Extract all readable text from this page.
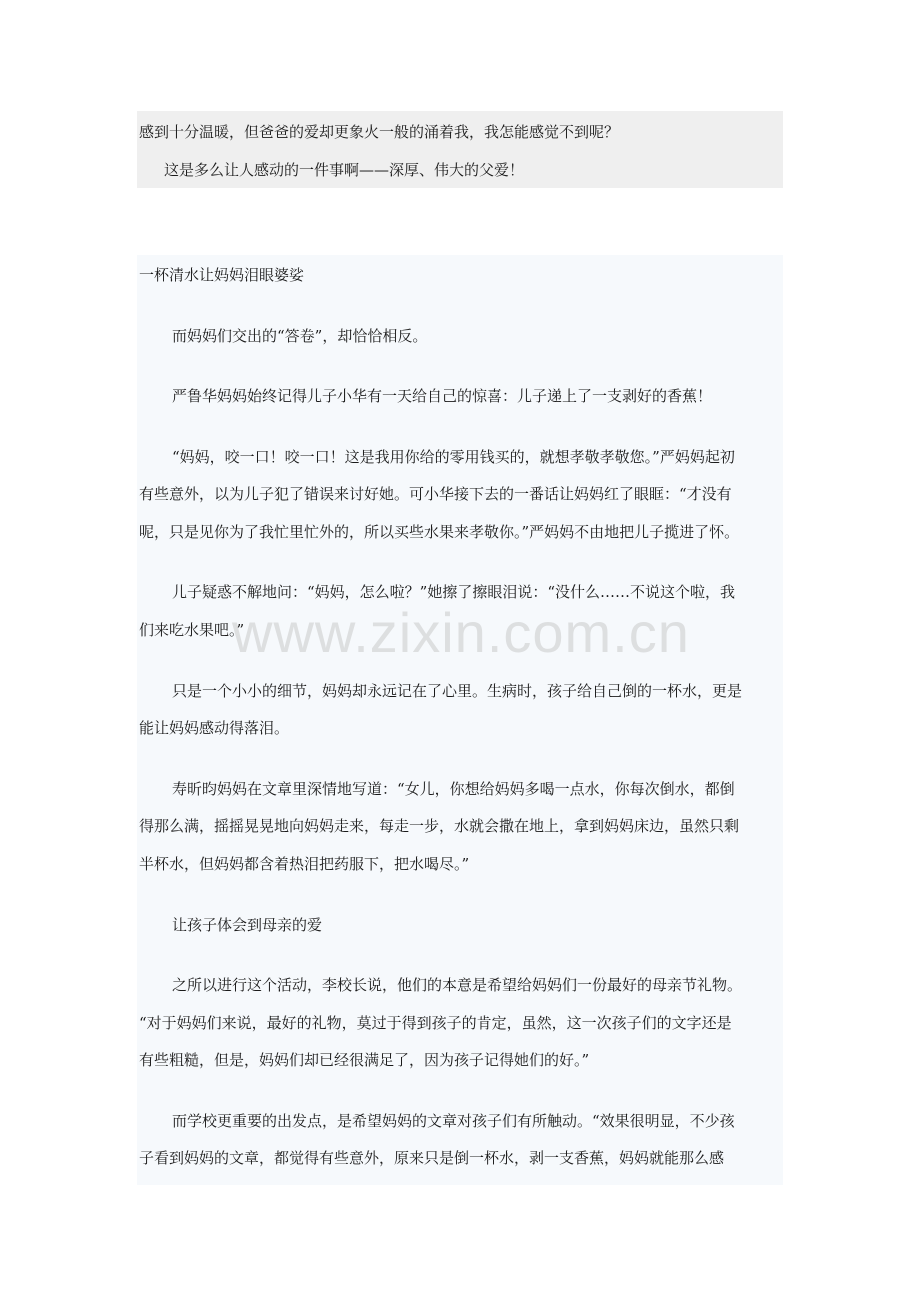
感到十分温暖，但爸爸的爱却更象火一般的涌着我，我怎能感觉不到呢？

这是多么让人感动的一件事啊——深厚、伟大的父爱！

一杯清水让妈妈泪眼婆娑

而妈妈们交出的“答卷”，却恰恰相反。

严鲁华妈妈始终记得儿子小华有一天给自己的惊喜：儿子递上了一支剥好的香蕉！

“妈妈，咬一口！咬一口！这是我用你给的零用钱买的，就想孝敬孝敬您。”严妈妈起初

有些意外，以为儿子犯了错误来讨好她。可小华接下去的一番话让妈妈红了眼眶：“才没有

呢，只是见你为了我忙里忙外的，所以买些水果来孝敬你。”严妈妈不由地把儿子揽进了怀。

儿子疑惑不解地问：“妈妈，怎么啦？”她擦了擦眼泪说：“没什么……不说这个啦，我

们来吃水果吧。”

只是一个小小的细节，妈妈却永远记在了心里。生病时，孩子给自己倒的一杯水，更是

能让妈妈感动得落泪。

寿昕昀妈妈在文章里深情地写道：“女儿，你想给妈妈多喝一点水，你每次倒水，都倒

得那么满，摇摇晃晃地向妈妈走来，每走一步，水就会撒在地上，拿到妈妈床边，虽然只剩

半杯水，但妈妈都含着热泪把药服下，把水喝尽。”

让孩子体会到母亲的爱

之所以进行这个活动，李校长说，他们的本意是希望给妈妈们一份最好的母亲节礼物。

“对于妈妈们来说，最好的礼物，莫过于得到孩子的肯定，虽然，这一次孩子们的文字还是

有些粗糙，但是，妈妈们却已经很满足了，因为孩子记得她们的好。”

而学校更重要的出发点，是希望妈妈的文章对孩子们有所触动。“效果很明显，不少孩

子看到妈妈的文章，都觉得有些意外，原来只是倒一杯水，剥一支香蕉，妈妈就能那么感

www.zixin.com.cn
